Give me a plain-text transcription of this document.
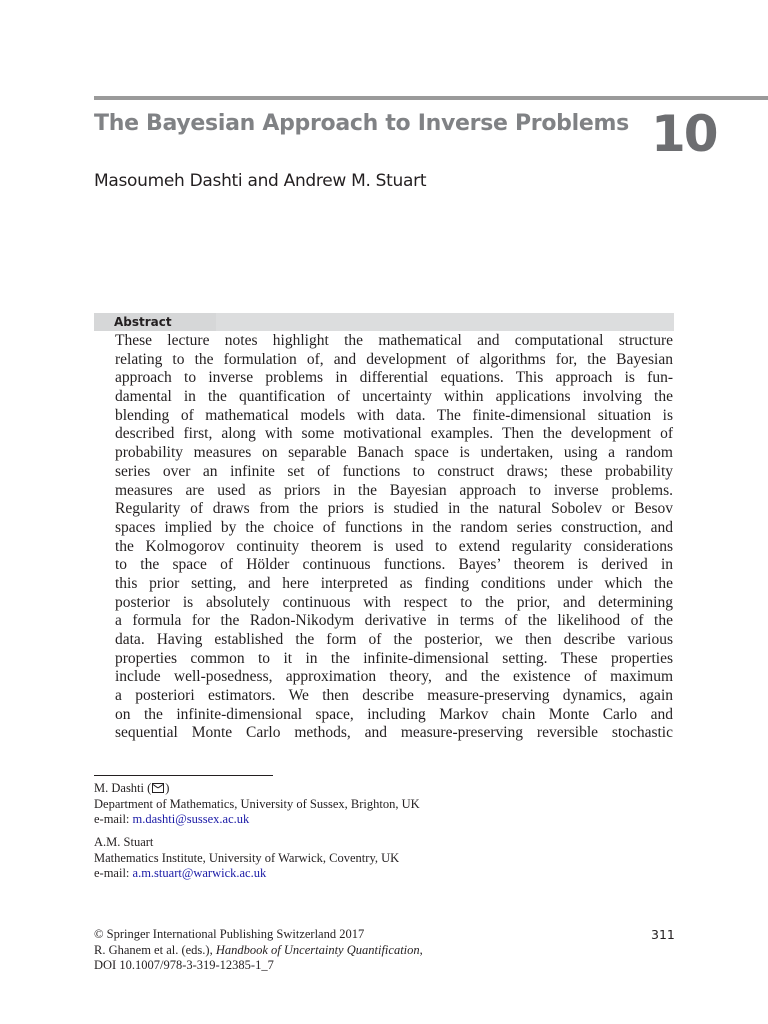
The Bayesian Approach to Inverse Problems 10
Masoumeh Dashti and Andrew M. Stuart
Abstract
These lecture notes highlight the mathematical and computational structure
relating to the formulation of, and development of algorithms for, the Bayesian
approach to inverse problems in differential equations. This approach is fun-
damental in the quantification of uncertainty within applications involving the
blending of mathematical models with data. The finite-dimensional situation is
described first, along with some motivational examples. Then the development of
probability measures on separable Banach space is undertaken, using a random
series over an infinite set of functions to construct draws; these probability
measures are used as priors in the Bayesian approach to inverse problems.
Regularity of draws from the priors is studied in the natural Sobolev or Besov
spaces implied by the choice of functions in the random series construction, and
the Kolmogorov continuity theorem is used to extend regularity considerations
to the space of Hölder continuous functions. Bayes’ theorem is derived in
this prior setting, and here interpreted as finding conditions under which the
posterior is absolutely continuous with respect to the prior, and determining
a formula for the Radon-Nikodym derivative in terms of the likelihood of the
data. Having established the form of the posterior, we then describe various
properties common to it in the infinite-dimensional setting. These properties
include well-posedness, approximation theory, and the existence of maximum
a posteriori estimators. We then describe measure-preserving dynamics, again
on the infinite-dimensional space, including Markov chain Monte Carlo and
sequential Monte Carlo methods, and measure-preserving reversible stochastic
M. Dashti ( )
Department of Mathematics, University of Sussex, Brighton, UK
e-mail: m.dashti@sussex.ac.uk
A.M. Stuart
Mathematics Institute, University of Warwick, Coventry, UK
e-mail: a.m.stuart@warwick.ac.uk
© Springer International Publishing Switzerland 2017
R. Ghanem et al. (eds.), Handbook of Uncertainty Quantification,
DOI 10.1007/978-3-319-12385-1_7
311
